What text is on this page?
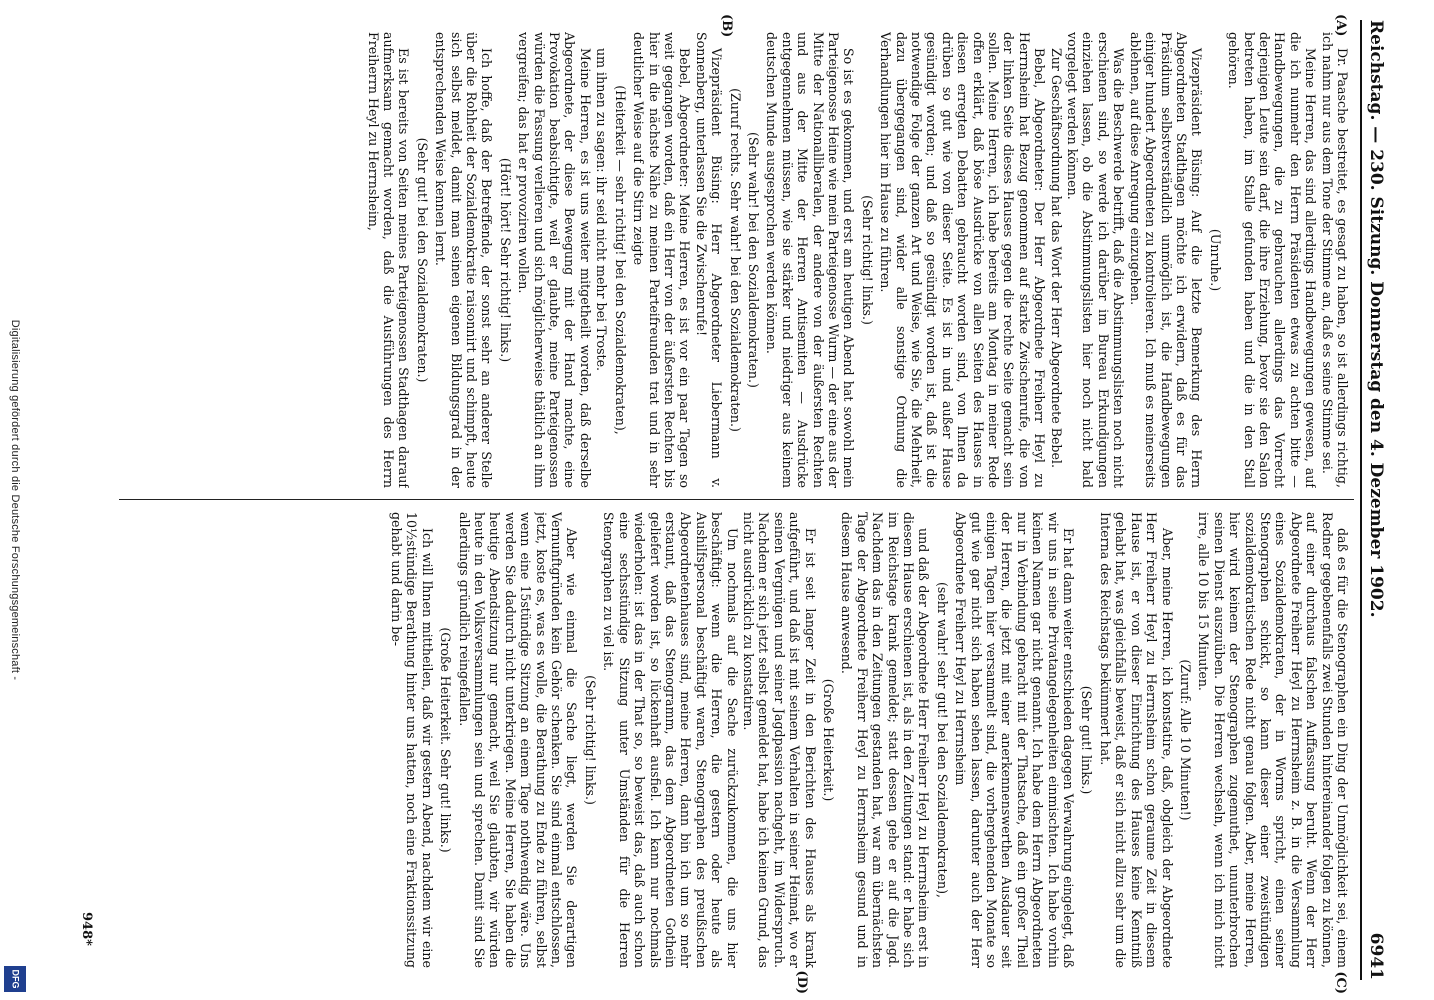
Digitalisierung gefördert durch die Deutsche Forschungsgemeinschaft -
DFG
Reichstag. — 230. Sitzung. Donnerstag den 4. Dezember 1902.
6941
(A)
(B)
(C)
(D)

Dr. Paasche bestreitet, es gesagt zu haben, so ist allerdings richtig, ich nahm nur aus dem Tone der Stimme an, daß es seine Stimme sei.

Meine Herren, das sind allerdings Handbewegungen gewesen, auf die ich nunmehr den Herrn Präsidenten etwas zu achten bitte — Handbewegungen, die zu gebrauchen allerdings das Vorrecht derjenigen Leute sein darf, die ihre Erziehung, bevor sie den Salon betreten haben, im Stalle gefunden haben und die in den Stall gehören.

(Unruhe.)

Vizepräsident Büsing: Auf die letzte Bemerkung des Herrn Abgeordneten Stadthagen möchte ich erwidern, daß es für das Präsidium selbstverständlich unmöglich ist, die Handbewegungen einiger hundert Abgeordneten zu kontrolieren. Ich muß es meinerseits ablehnen, auf diese Anregung einzugehen.

Was die Beschwerde betrifft, daß die Abstimmungslisten noch nicht erschienen sind, so werde ich darüber im Bureau Erkundigungen einziehen lassen, ob die Abstimmungslisten hier noch nicht bald vorgelegt werden können.

Zur Geschäftsordnung hat das Wort der Herr Abgeordnete Bebel.

Bebel, Abgeordneter: Der Herr Abgeordnete Freiherr Heyl zu Herrnsheim hat Bezug genommen auf starke Zwischenrufe, die von der linken Seite dieses Hauses gegen die rechte Seite gemacht sein sollen. Meine Herren, ich habe bereits am Montag in meiner Rede offen erklärt, daß böse Ausdrücke von allen Seiten des Hauses in diesen erregten Debatten gebraucht worden sind, von Ihnen da drüben so gut wie von dieser Seite. Es ist in und außer Hause gesündigt worden; und daß so gesündigt worden ist, daß ist die notwendige Folge der ganzen Art und Weise, wie Sie, die Mehrheit, dazu übergegangen sind, wider alle sonstige Ordnung die Verhandlungen hier im Hause zu führen.

(Sehr richtig! links.)

So ist es gekommen, und erst am heutigen Abend hat sowohl mein Parteigenosse Heine wie mein Parteigenosse Wurm — der eine aus der Mitte der Nationalliberalen, der andere von der äußersten Rechten und aus der Mitte der Herren Antisemiten — Ausdrücke entgegennehmen müssen, wie sie stärker und niedriger aus keinem deutschen Munde ausgesprochen werden können.

(Sehr wahr! bei den Sozialdemokraten.)

(Zuruf rechts. Sehr wahr! bei den Sozialdemokraten.)

Vizepräsident Büsing: Herr Abgeordneter Liebermann v. Sonnenberg, unterlassen Sie die Zwischenrufe!

Bebel, Abgeordneter: Meine Herren, es ist vor ein paar Tagen so weit gegangen worden, daß ein Herr von der äußersten Rechten bis hier in die nächste Nähe zu meinen Parteifreunden trat und in sehr deutlicher Weise auf die Stirn zeigte

(Heiterkeit — sehr richtig! bei den Sozialdemokraten),

um ihnen zu sagen: ihr seid nicht mehr bei Troste.

Meine Herren, es ist uns weiter mitgetheilt worden, daß derselbe Abgeordnete, der diese Bewegung mit der Hand machte, eine Provokation beabsichtigte, weil er glaubte, meine Parteigenossen würden die Fassung verlieren und sich möglicherweise thätlich an ihm vergreifen; das hat er provoziren wollen.

(Hört! hört! Sehr richtig! links.)

Ich hoffe, daß der Betreffende, der sonst sehr an anderer Stelle über die Rohheit der Sozialdemokratie raisonnirt und schimpft, heute sich selbst meldet, damit man seinen eigenen Bildungsgrad in der entsprechenden Weise kennen lernt.

(Sehr gut! bei den Sozialdemokraten.)

Es ist bereits von Seiten meines Parteigenossen Stadthagen darauf aufmerksam gemacht worden, daß die Ausführungen des Herrn Freiherrn Heyl zu Herrnsheim,

daß es für die Stenographen ein Ding der Unmöglichkeit sei, einem Redner gegebenenfalls zwei Stunden hintereinander folgen zu können, auf einer durchaus falschen Auffassung beruht. Wenn der Herr Abgeordnete Freiherr Heyl zu Herrnsheim z. B. in die Versammlung eines Sozialdemokraten, der in Worms spricht, einen seiner Stenographen schickt, so kann dieser einer zweistündigen sozialdemokratischen Rede nicht genau folgen. Aber, meine Herren, hier wird keinem der Stenographen zugemuthet, ununterbrochen seinen Dienst auszuüben. Die Herren wechseln, wenn ich mich nicht irre, alle 10 bis 15 Minuten.

(Zuruf: Alle 10 Minuten!)

Aber, meine Herren, ich konstatire, daß, obgleich der Abgeordnete Herr Freiherr Heyl zu Herrnsheim schon geraume Zeit in diesem Hause ist, er von dieser Einrichtung des Hauses keine Kenntniß gehabt hat, was gleichfalls beweist, daß er sich nicht allzu sehr um die Interna des Reichstags bekümmert hat.

(Sehr gut! links.)

Er hat dann weiter entschieden dagegen Verwahrung eingelegt, daß wir uns in seine Privatangelegenheiten einmischten. Ich habe vorhin keinen Namen gar nicht genannt. Ich habe dem Herrn Abgeordneten nur in Verbindung gebracht mit der Thatsache, daß ein großer Theil der Herren, die jetzt mit einer anerkennenswerthen Ausdauer seit einigen Tagen hier versammelt sind, die vorhergehenden Monate so gut wie gar nicht sich haben sehen lassen, darunter auch der Herr Abgeordnete Freiherr Heyl zu Herrnsheim

(sehr wahr! sehr gut! bei den Sozialdemokraten),

und daß der Abgeordnete Herr Freiherr Heyl zu Herrnsheim erst in diesem Hause erschienen ist, als in den Zeitungen stand: er habe sich im Reichstage krank gemeldet; statt dessen gehe er auf die Jagd. Nachdem das in den Zeitungen gestanden hat, war am übernächsten Tage der Abgeordnete Freiherr Heyl zu Herrnsheim gesund und in diesem Hause anwesend.

(Große Heiterkeit.)

Er ist seit langer Zeit in den Berichten des Hauses als krank aufgeführt, und daß ist mit seinem Verhalten in seiner Heimat, wo er seinen Vergnügen und seiner Jagdpassion nachgeht, im Widerspruch. Nachdem er sich jetzt selbst gemeldet hat, habe ich keinen Grund, das nicht ausdrücklich zu konstatiren.

Um nochmals auf die Sache zurückzukommen, die uns hier beschäftigt: wenn die Herren, die gestern oder heute als Aushilfspersonal beschäftigt waren, Stenographen des preußischen Abgeordnetenhauses sind, meine Herren, dann bin ich um so mehr erstaunt, daß das Stenogramm, das dem Abgeordneten Gothein geliefert worden ist, so lückenhaft ausfiel. Ich kann nur nochmals wiederholen: ist das in der That so, so beweist das, daß auch schon eine sechsstündige Sitzung unter Umständen für die Herren Stenographen zu viel ist.

(Sehr richtig! links.)

Aber wie einmal die Sache liegt, werden Sie derartigen Vernunftgründen kein Gehör schenken. Sie sind einmal entschlossen, jetzt, koste es, was es wolle, die Berathung zu Ende zu führen, selbst wenn eine 15stündige Sitzung an einem Tage nothwendig wäre. Uns werden Sie dadurch nicht unterkriegen. Meine Herren, Sie haben die heutige Abendsitzung nur gemacht, weil Sie glaubten, wir würden heute in den Volksversammlungen sein und sprechen. Damit sind Sie allerdings gründlich reingefallen.

(Große Heiterkeit. Sehr gut! links.)

Ich will Ihnen mittheilen, daß wir gestern Abend, nachdem wir eine 10½stündige Berathung hinter uns hatten, noch eine Fraktionssitzung gehabt und darin be-

948*
